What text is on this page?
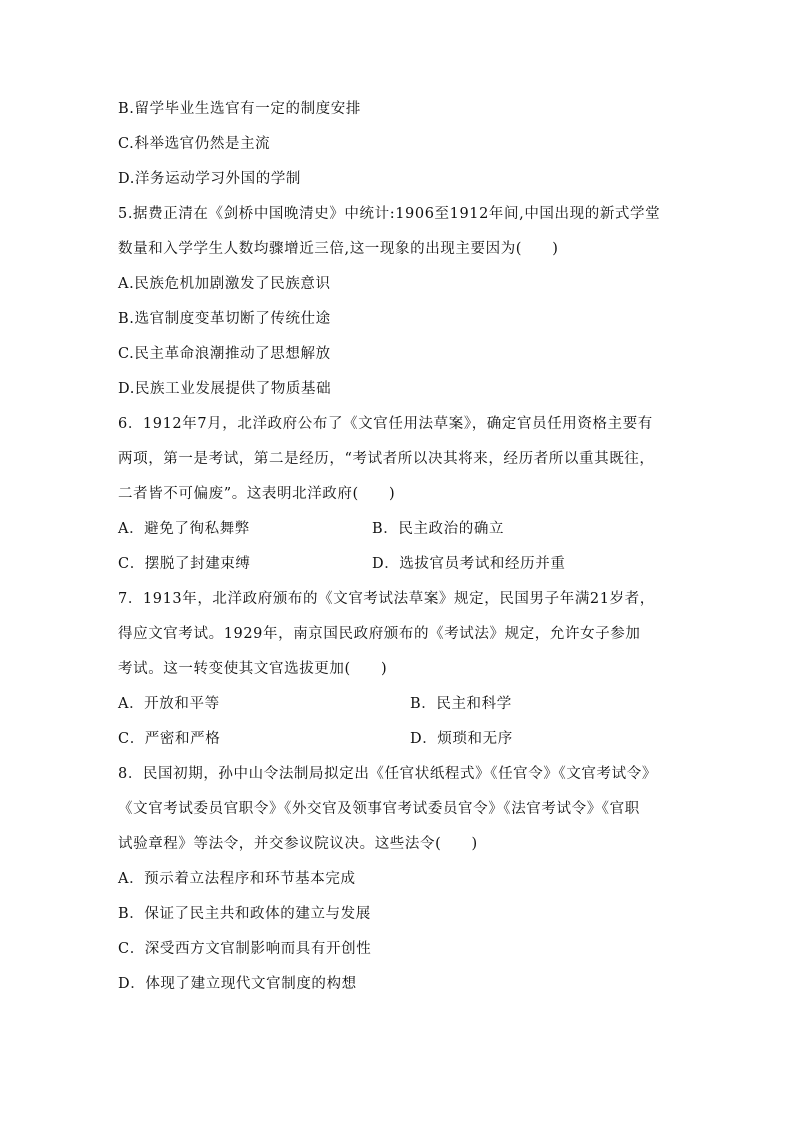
B.留学毕业生选官有一定的制度安排
C.科举选官仍然是主流
D.洋务运动学习外国的学制
5.据费正清在《剑桥中国晚清史》中统计:1906至1912年间,中国出现的新式学堂
数量和入学学生人数均骤增近三倍,这一现象的出现主要因为(　　)
A.民族危机加剧激发了民族意识
B.选官制度变革切断了传统仕途
C.民主革命浪潮推动了思想解放
D.民族工业发展提供了物质基础
6．1912年7月，北洋政府公布了《文官任用法草案》，确定官员任用资格主要有
两项，第一是考试，第二是经历，“考试者所以决其将来，经历者所以重其既往，
二者皆不可偏废”。这表明北洋政府(　　)
A．避免了徇私舞弊	B．民主政治的确立
C．摆脱了封建束缚	D．选拔官员考试和经历并重
7．1913年，北洋政府颁布的《文官考试法草案》规定，民国男子年满21岁者，
得应文官考试。1929年，南京国民政府颁布的《考试法》规定，允许女子参加
考试。这一转变使其文官选拔更加(　　)
A．开放和平等	B．民主和科学
C．严密和严格	D．烦琐和无序
8．民国初期，孙中山令法制局拟定出《任官状纸程式》《任官令》《文官考试令》
《文官考试委员官职令》《外交官及领事官考试委员官令》《法官考试令》《官职
试验章程》等法令，并交参议院议决。这些法令(　　)
A．预示着立法程序和环节基本完成
B．保证了民主共和政体的建立与发展
C．深受西方文官制影响而具有开创性
D．体现了建立现代文官制度的构想
